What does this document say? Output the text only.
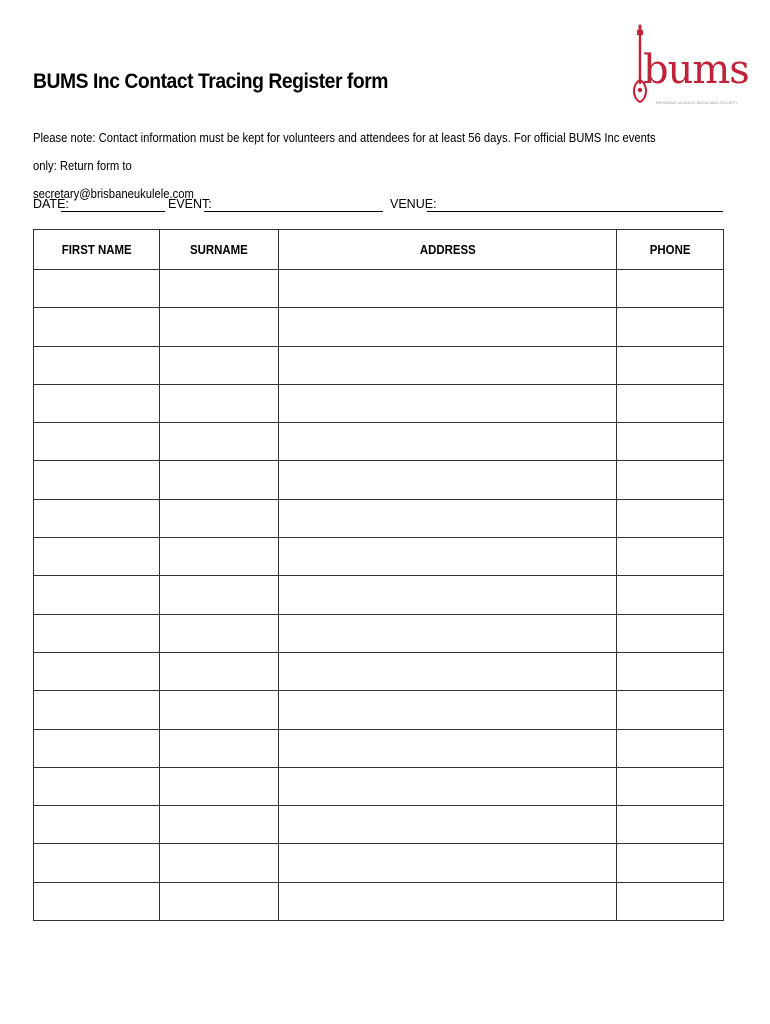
BUMS Inc Contact Tracing Register form	bums
BRISBANE UKULELE MUSICIANS SOCIETY
Please note: Contact information must be kept for volunteers and attendees for at least 56 days. For official BUMS Inc events only: Return form to
secretary@brisbaneukulele.com
DATE:	EVENT:	VENUE:
FIRST NAME	SURNAME	ADDRESS	PHONE
